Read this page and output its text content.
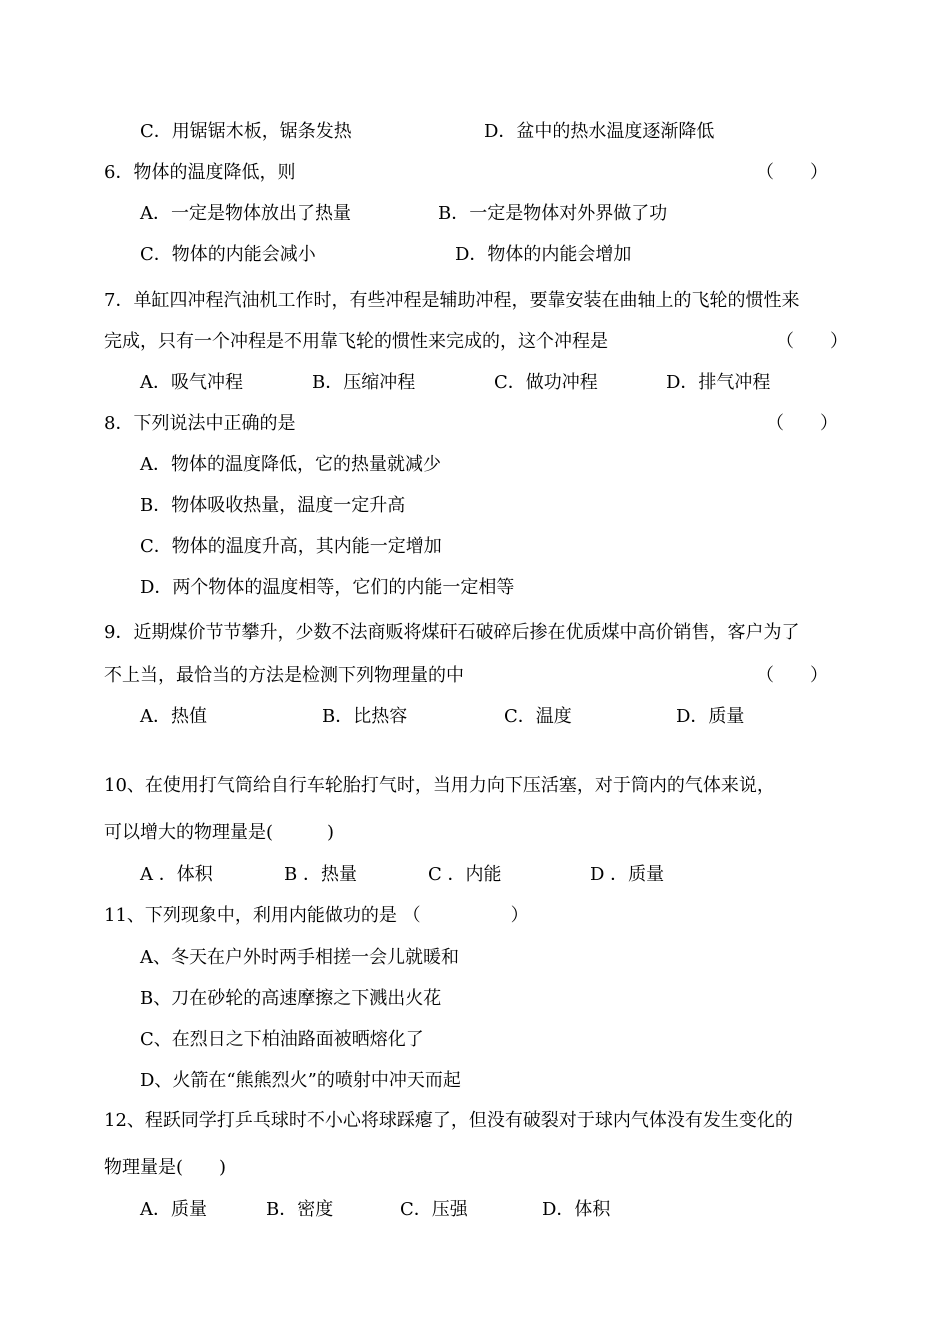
C．用锯锯木板，锯条发热	D．盆中的热水温度逐渐降低
6．物体的温度降低，则	（　　）
A．一定是物体放出了热量	B．一定是物体对外界做了功
C．物体的内能会减小	D．物体的内能会增加
7．单缸四冲程汽油机工作时，有些冲程是辅助冲程，要靠安装在曲轴上的飞轮的惯性来
完成，只有一个冲程是不用靠飞轮的惯性来完成的，这个冲程是	（　　）
A．吸气冲程	B．压缩冲程	C．做功冲程	D．排气冲程
8．下列说法中正确的是	（　　）
A．物体的温度降低，它的热量就减少
B．物体吸收热量，温度一定升高
C．物体的温度升高，其内能一定增加
D．两个物体的温度相等，它们的内能一定相等
9．近期煤价节节攀升，少数不法商贩将煤矸石破碎后掺在优质煤中高价销售，客户为了
不上当，最恰当的方法是检测下列物理量的中	（　　）
A．热值	B．比热容	C．温度	D．质量
10、在使用打气筒给自行车轮胎打气时，当用力向下压活塞，对于筒内的气体来说，
可以增大的物理量是(　　　)
A ．体积	B ．热量	C ．内能	D ．质量
11、下列现象中，利用内能做功的是 （　　　　　）
A、冬天在户外时两手相搓一会儿就暖和
B、刀在砂轮的高速摩擦之下溅出火花
C、在烈日之下柏油路面被晒熔化了
D、火箭在“熊熊烈火”的喷射中冲天而起
12、程跃同学打乒乓球时不小心将球踩瘪了，但没有破裂对于球内气体没有发生变化的
物理量是(　　)
A．质量	B．密度	C．压强	D．体积
